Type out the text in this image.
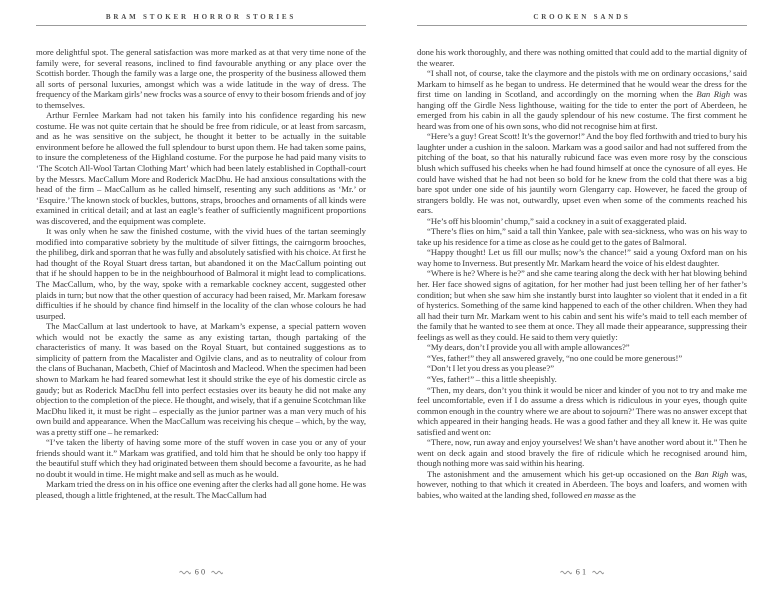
BRAM STOKER HORROR STORIES

more delightful spot. The general satisfaction was more marked as at that very time none of the family were, for several reasons, inclined to find favourable anything or any place over the Scottish border. Though the family was a large one, the prosperity of the business allowed them all sorts of personal luxuries, amongst which was a wide latitude in the way of dress. The frequency of the Markam girls’ new frocks was a source of envy to their bosom friends and of joy to themselves.

Arthur Fernlee Markam had not taken his family into his confidence regarding his new costume. He was not quite certain that he should be free from ridicule, or at least from sarcasm, and as he was sensitive on the subject, he thought it better to be actually in the suitable environment before he allowed the full splendour to burst upon them. He had taken some pains, to insure the completeness of the Highland costume. For the purpose he had paid many visits to ‘The Scotch All-Wool Tartan Clothing Mart’ which had been lately established in Copthall-court by the Messrs. MacCallum More and Roderick MacDhu. He had anxious consultations with the head of the firm – MacCallum as he called himself, resenting any such additions as ‘Mr.’ or ‘Esquire.’ The known stock of buckles, buttons, straps, brooches and ornaments of all kinds were examined in critical detail; and at last an eagle’s feather of sufficiently magnificent proportions was discovered, and the equipment was complete.

It was only when he saw the finished costume, with the vivid hues of the tartan seemingly modified into comparative sobriety by the multitude of silver fittings, the cairngorm brooches, the philibeg, dirk and sporran that he was fully and absolutely satisfied with his choice. At first he had thought of the Royal Stuart dress tartan, but abandoned it on the MacCallum pointing out that if he should happen to be in the neighbourhood of Balmoral it might lead to complications. The MacCallum, who, by the way, spoke with a remarkable cockney accent, suggested other plaids in turn; but now that the other question of accuracy had been raised, Mr. Markam foresaw difficulties if he should by chance find himself in the locality of the clan whose colours he had usurped.

The MacCallum at last undertook to have, at Markam’s expense, a special pattern woven which would not be exactly the same as any existing tartan, though partaking of the characteristics of many. It was based on the Royal Stuart, but contained suggestions as to simplicity of pattern from the Macalister and Ogilvie clans, and as to neutrality of colour from the clans of Buchanan, Macbeth, Chief of Macintosh and Macleod. When the specimen had been shown to Markam he had feared somewhat lest it should strike the eye of his domestic circle as gaudy; but as Roderick MacDhu fell into perfect ecstasies over its beauty he did not make any objection to the completion of the piece. He thought, and wisely, that if a genuine Scotchman like MacDhu liked it, it must be right – especially as the junior partner was a man very much of his own build and appearance. When the MacCallum was receiving his cheque – which, by the way, was a pretty stiff one – he remarked:

“I’ve taken the liberty of having some more of the stuff woven in case you or any of your friends should want it.” Markam was gratified, and told him that he should be only too happy if the beautiful stuff which they had originated between them should become a favourite, as he had no doubt it would in time. He might make and sell as much as he would.

Markam tried the dress on in his office one evening after the clerks had all gone home. He was pleased, though a little frightened, at the result. The MacCallum had

60
CROOKEN SANDS

done his work thoroughly, and there was nothing omitted that could add to the martial dignity of the wearer.

“I shall not, of course, take the claymore and the pistols with me on ordinary occasions,’ said Markam to himself as he began to undress. He determined that he would wear the dress for the first time on landing in Scotland, and accordingly on the morning when the Ban Righ was hanging off the Girdle Ness lighthouse, waiting for the tide to enter the port of Aberdeen, he emerged from his cabin in all the gaudy splendour of his new costume. The first comment he heard was from one of his own sons, who did not recognise him at first.

“Here’s a guy! Great Scott! It’s the governor!” And the boy fled forthwith and tried to bury his laughter under a cushion in the saloon. Markam was a good sailor and had not suffered from the pitching of the boat, so that his naturally rubicund face was even more rosy by the conscious blush which suffused his cheeks when he had found himself at once the cynosure of all eyes. He could have wished that he had not been so bold for he knew from the cold that there was a big bare spot under one side of his jauntily worn Glengarry cap. However, he faced the group of strangers boldly. He was not, outwardly, upset even when some of the comments reached his ears.

“He’s off his bloomin’ chump,” said a cockney in a suit of exaggerated plaid.

“There’s flies on him,” said a tall thin Yankee, pale with sea-sickness, who was on his way to take up his residence for a time as close as he could get to the gates of Balmoral.

“Happy thought! Let us fill our mulls; now’s the chance!” said a young Oxford man on his way home to Inverness. But presently Mr. Markam heard the voice of his eldest daughter.

“Where is he? Where is he?” and she came tearing along the deck with her hat blowing behind her. Her face showed signs of agitation, for her mother had just been telling her of her father’s condition; but when she saw him she instantly burst into laughter so violent that it ended in a fit of hysterics. Something of the same kind happened to each of the other children. When they had all had their turn Mr. Markam went to his cabin and sent his wife’s maid to tell each member of the family that he wanted to see them at once. They all made their appearance, suppressing their feelings as well as they could. He said to them very quietly:

“My dears, don’t I provide you all with ample allowances?”

“Yes, father!” they all answered gravely, “no one could be more generous!”

“Don’t I let you dress as you please?”

“Yes, father!” – this a little sheepishly.

“Then, my dears, don’t you think it would be nicer and kinder of you not to try and make me feel uncomfortable, even if I do assume a dress which is ridiculous in your eyes, though quite common enough in the country where we are about to sojourn?’ There was no answer except that which appeared in their hanging heads. He was a good father and they all knew it. He was quite satisfied and went on:

“There, now, run away and enjoy yourselves! We shan’t have another word about it.” Then he went on deck again and stood bravely the fire of ridicule which he recognised around him, though nothing more was said within his hearing.

The astonishment and the amusement which his get-up occasioned on the Ban Righ was, however, nothing to that which it created in Aberdeen. The boys and loafers, and women with babies, who waited at the landing shed, followed en masse as the

61
